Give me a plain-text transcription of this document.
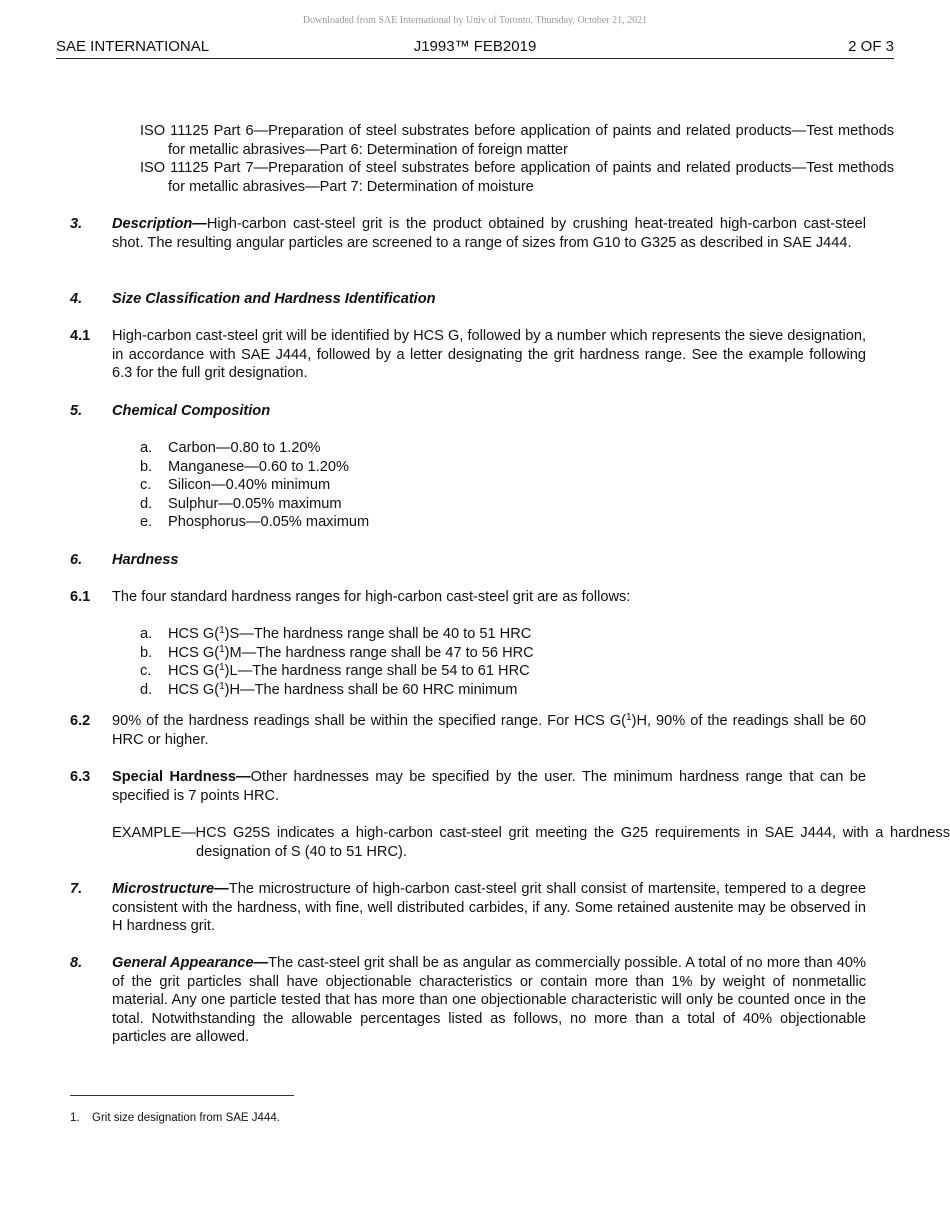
Downloaded from SAE International by Univ of Toronto, Thursday, October 21, 2021
SAE INTERNATIONAL	J1993™ FEB2019	2 OF 3
ISO 11125 Part 6—Preparation of steel substrates before application of paints and related products—Test methods for metallic abrasives—Part 6: Determination of foreign matter
ISO 11125 Part 7—Preparation of steel substrates before application of paints and related products—Test methods for metallic abrasives—Part 7: Determination of moisture
3. Description—High-carbon cast-steel grit is the product obtained by crushing heat-treated high-carbon cast-steel shot. The resulting angular particles are screened to a range of sizes from G10 to G325 as described in SAE J444.
4. Size Classification and Hardness Identification
4.1 High-carbon cast-steel grit will be identified by HCS G, followed by a number which represents the sieve designation, in accordance with SAE J444, followed by a letter designating the grit hardness range. See the example following 6.3 for the full grit designation.
5. Chemical Composition
a.	Carbon—0.80 to 1.20%
b.	Manganese—0.60 to 1.20%
c.	Silicon—0.40% minimum
d.	Sulphur—0.05% maximum
e.	Phosphorus—0.05% maximum
6. Hardness
6.1 The four standard hardness ranges for high-carbon cast-steel grit are as follows:
a.	HCS G($^1$)S—The hardness range shall be 40 to 51 HRC
b.	HCS G($^1$)M—The hardness range shall be 47 to 56 HRC
c.	HCS G($^1$)L—The hardness range shall be 54 to 61 HRC
d.	HCS G($^1$)H—The hardness shall be 60 HRC minimum
6.2 90% of the hardness readings shall be within the specified range. For HCS G($^1$)H, 90% of the readings shall be 60 HRC or higher.
6.3 Special Hardness—Other hardnesses may be specified by the user. The minimum hardness range that can be specified is 7 points HRC.
EXAMPLE—HCS G25S indicates a high-carbon cast-steel grit meeting the G25 requirements in SAE J444, with a hardness designation of S (40 to 51 HRC).
7. Microstructure—The microstructure of high-carbon cast-steel grit shall consist of martensite, tempered to a degree consistent with the hardness, with fine, well distributed carbides, if any. Some retained austenite may be observed in H hardness grit.
8. General Appearance—The cast-steel grit shall be as angular as commercially possible. A total of no more than 40% of the grit particles shall have objectionable characteristics or contain more than 1% by weight of nonmetallic material. Any one particle tested that has more than one objectionable characteristic will only be counted once in the total. Notwithstanding the allowable percentages listed as follows, no more than a total of 40% objectionable particles are allowed.
1. Grit size designation from SAE J444.
